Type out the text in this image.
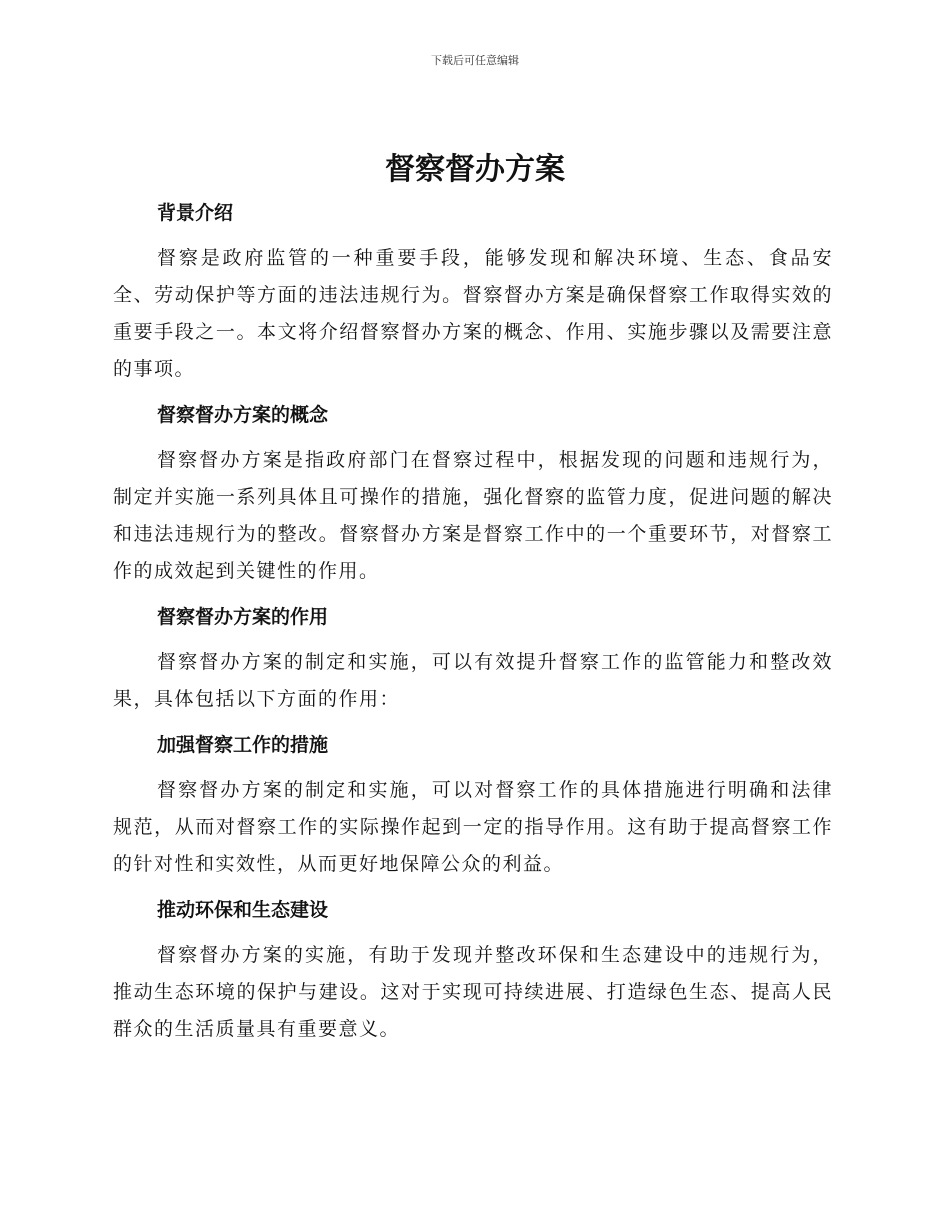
下载后可任意编辑
督察督办方案
背景介绍

督察是政府监管的一种重要手段，能够发现和解决环境、生态、食品安全、劳动保护等方面的违法违规行为。督察督办方案是确保督察工作取得实效的重要手段之一。本文将介绍督察督办方案的概念、作用、实施步骤以及需要注意的事项。

督察督办方案的概念

督察督办方案是指政府部门在督察过程中，根据发现的问题和违规行为，制定并实施一系列具体且可操作的措施，强化督察的监管力度，促进问题的解决和违法违规行为的整改。督察督办方案是督察工作中的一个重要环节，对督察工作的成效起到关键性的作用。

督察督办方案的作用

督察督办方案的制定和实施，可以有效提升督察工作的监管能力和整改效果，具体包括以下方面的作用：

加强督察工作的措施

督察督办方案的制定和实施，可以对督察工作的具体措施进行明确和法律规范，从而对督察工作的实际操作起到一定的指导作用。这有助于提高督察工作的针对性和实效性，从而更好地保障公众的利益。

推动环保和生态建设

督察督办方案的实施，有助于发现并整改环保和生态建设中的违规行为，推动生态环境的保护与建设。这对于实现可持续进展、打造绿色生态、提高人民群众的生活质量具有重要意义。
